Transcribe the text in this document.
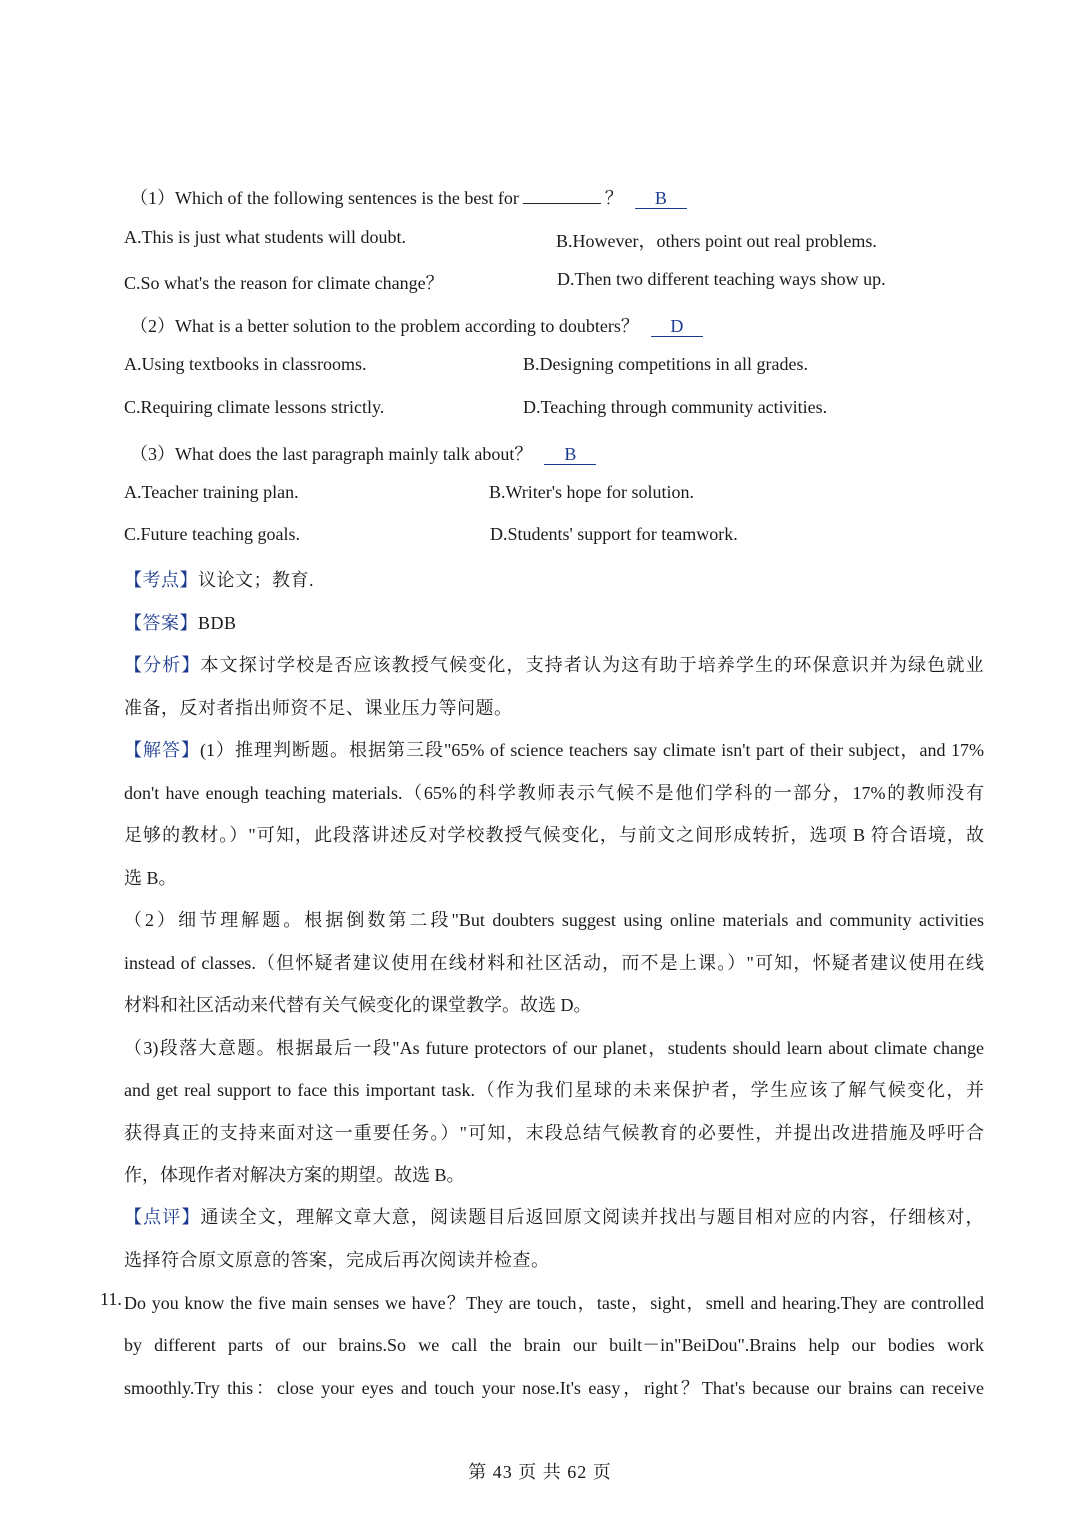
（1）Which of the following sentences is the best for	？ B
A.This is just what students will doubt.	B.However，others point out real problems.
C.So what's the reason for climate change？	D.Then two different teaching ways show up.
（2）What is a better solution to the problem according to doubters？ D
A.Using textbooks in classrooms.	B.Designing competitions in all grades.
C.Requiring climate lessons strictly.	D.Teaching through community activities.
（3）What does the last paragraph mainly talk about？ B
A.Teacher training plan.	B.Writer's hope for solution.
C.Future teaching goals.	D.Students' support for teamwork.
【考点】议论文；教育.
【答案】BDB
【分析】本文探讨学校是否应该教授气候变化，支持者认为这有助于培养学生的环保意识并为绿色就业
准备，反对者指出师资不足、课业压力等问题。
【解答】(1）推理判断题。根据第三段"65% of science teachers say climate isn't part of their subject，and 17%
don't have enough teaching materials.（65%的科学教师表示气候不是他们学科的一部分，17%的教师没有
足够的教材。）"可知，此段落讲述反对学校教授气候变化，与前文之间形成转折，选项 B 符合语境，故
选 B。
（2）细节理解题。根据倒数第二段"But doubters suggest using online materials and community activities
instead of classes.（但怀疑者建议使用在线材料和社区活动，而不是上课。）"可知，怀疑者建议使用在线
材料和社区活动来代替有关气候变化的课堂教学。故选 D。
（3)段落大意题。根据最后一段"As future protectors of our planet，students should learn about climate change
and get real support to face this important task.（作为我们星球的未来保护者，学生应该了解气候变化，并
获得真正的支持来面对这一重要任务。）"可知，末段总结气候教育的必要性，并提出改进措施及呼吁合
作，体现作者对解决方案的期望。故选 B。
【点评】通读全文，理解文章大意，阅读题目后返回原文阅读并找出与题目相对应的内容，仔细核对，
选择符合原文原意的答案，完成后再次阅读并检查。
11. Do you know the five main senses we have？They are touch，taste，sight，smell and hearing.They are controlled
by different parts of our brains.So we call the brain our built－in"BeiDou".Brains help our bodies work
smoothly.Try this：close your eyes and touch your nose.It's easy，right？That's because our brains can receive
第 43 页 共 62 页
